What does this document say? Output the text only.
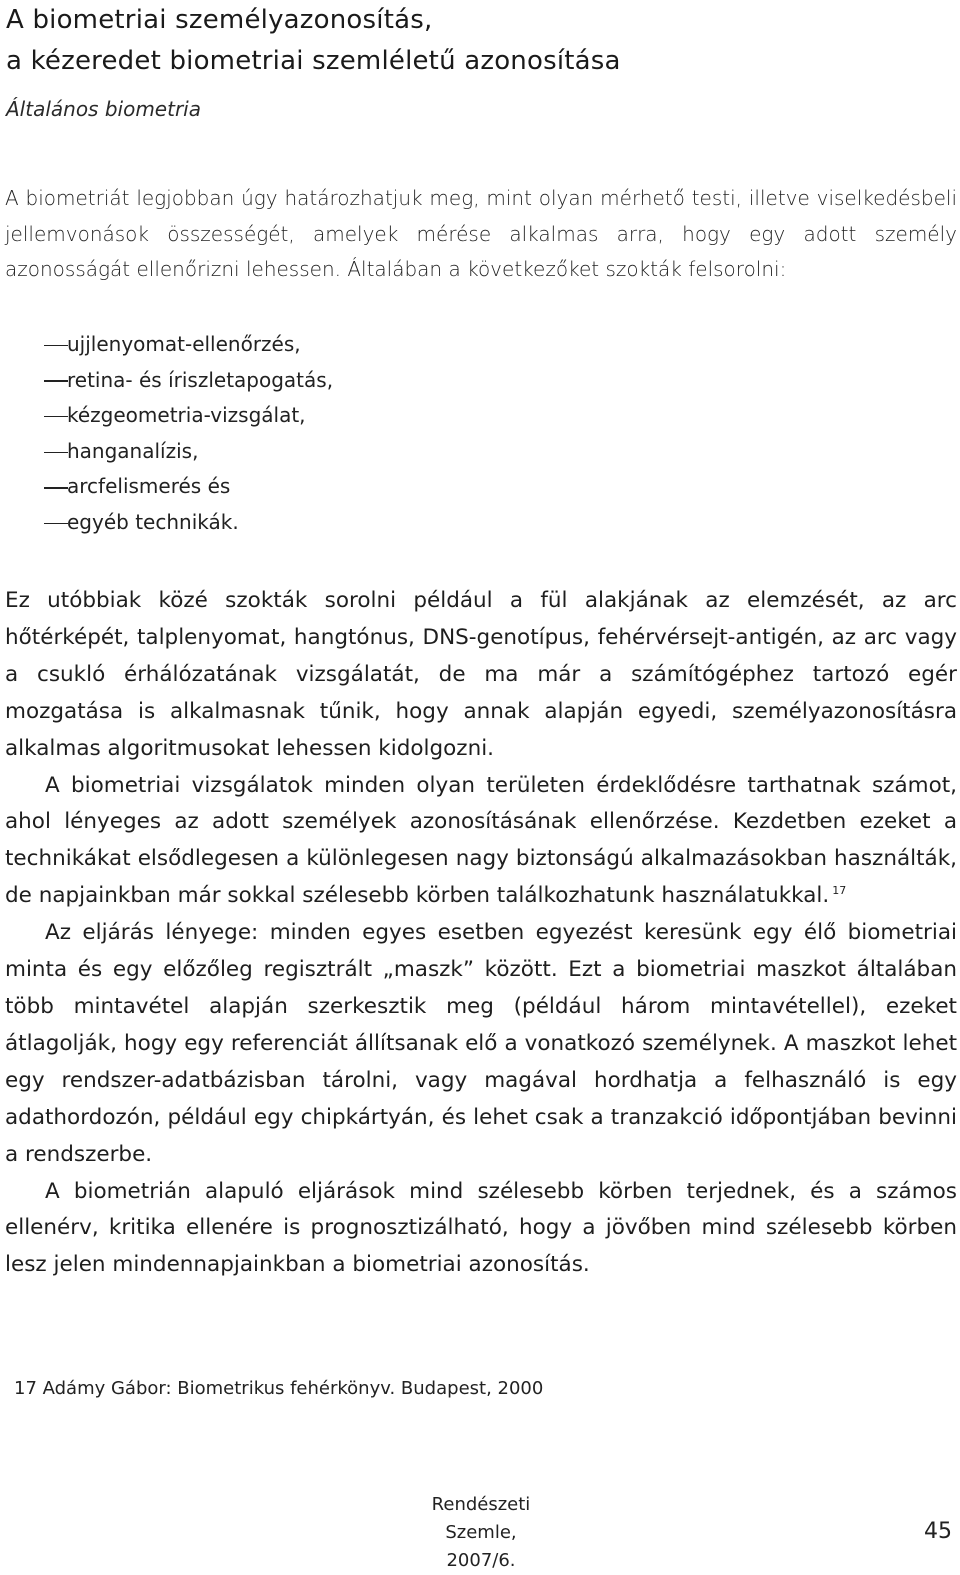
A biometriai személyazonosítás,
a kézeredet biometriai szemléletű azonosítása
Általános biometria

A biometriát legjobban úgy határozhatjuk meg, mint olyan mérhető testi, illetve viselkedésbeli jellemvonások összességét, amelyek mérése alkalmas arra, hogy egy adott személy azonosságát ellenőrizni lehessen. Általában a következőket szokták felsorolni:

ujjlenyomat-ellenőrzés,
retina- és íriszletapogatás,
kézgeometria-vizsgálat,
hanganalízis,
arcfelismerés és
egyéb technikák.

Ez utóbbiak közé szokták sorolni például a fül alakjának az elemzését, az arc hőtérképét, talplenyomat, hangtónus, DNS-genotípus, fehérvérsejt-antigén, az arc vagy a csukló érhálózatának vizsgálatát, de ma már a számítógéphez tartozó egér mozgatása is alkalmasnak tűnik, hogy annak alapján egyedi, személyazonosításra alkalmas algoritmusokat lehessen kidolgozni.

A biometriai vizsgálatok minden olyan területen érdeklődésre tarthatnak számot, ahol lényeges az adott személyek azonosításának ellenőrzése. Kezdetben ezeket a technikákat elsődlegesen a különlegesen nagy biztonságú alkalmazásokban használták, de napjainkban már sokkal szélesebb körben találkozhatunk használatukkal. $^{17}$

Az eljárás lényege: minden egyes esetben egyezést keresünk egy élő biometriai minta és egy előzőleg regisztrált „maszk” között. Ezt a biometriai maszkot általában több mintavétel alapján szerkesztik meg (például három mintavétellel), ezeket átlagolják, hogy egy referenciát állítsanak elő a vonatkozó személynek. A maszkot lehet egy rendszer-adatbázisban tárolni, vagy magával hordhatja a felhasználó is egy adathordozón, például egy chipkártyán, és lehet csak a tranzakció időpontjában bevinni a rendszerbe.

A biometrián alapuló eljárások mind szélesebb körben terjednek, és a számos ellenérv, kritika ellenére is prognosztizálható, hogy a jövőben mind szélesebb körben lesz jelen mindennapjainkban a biometriai azonosítás.

17 Adámy Gábor: Biometrikus fehérkönyv. Budapest, 2000

Rendészeti Szemle,
2007/6.
45
